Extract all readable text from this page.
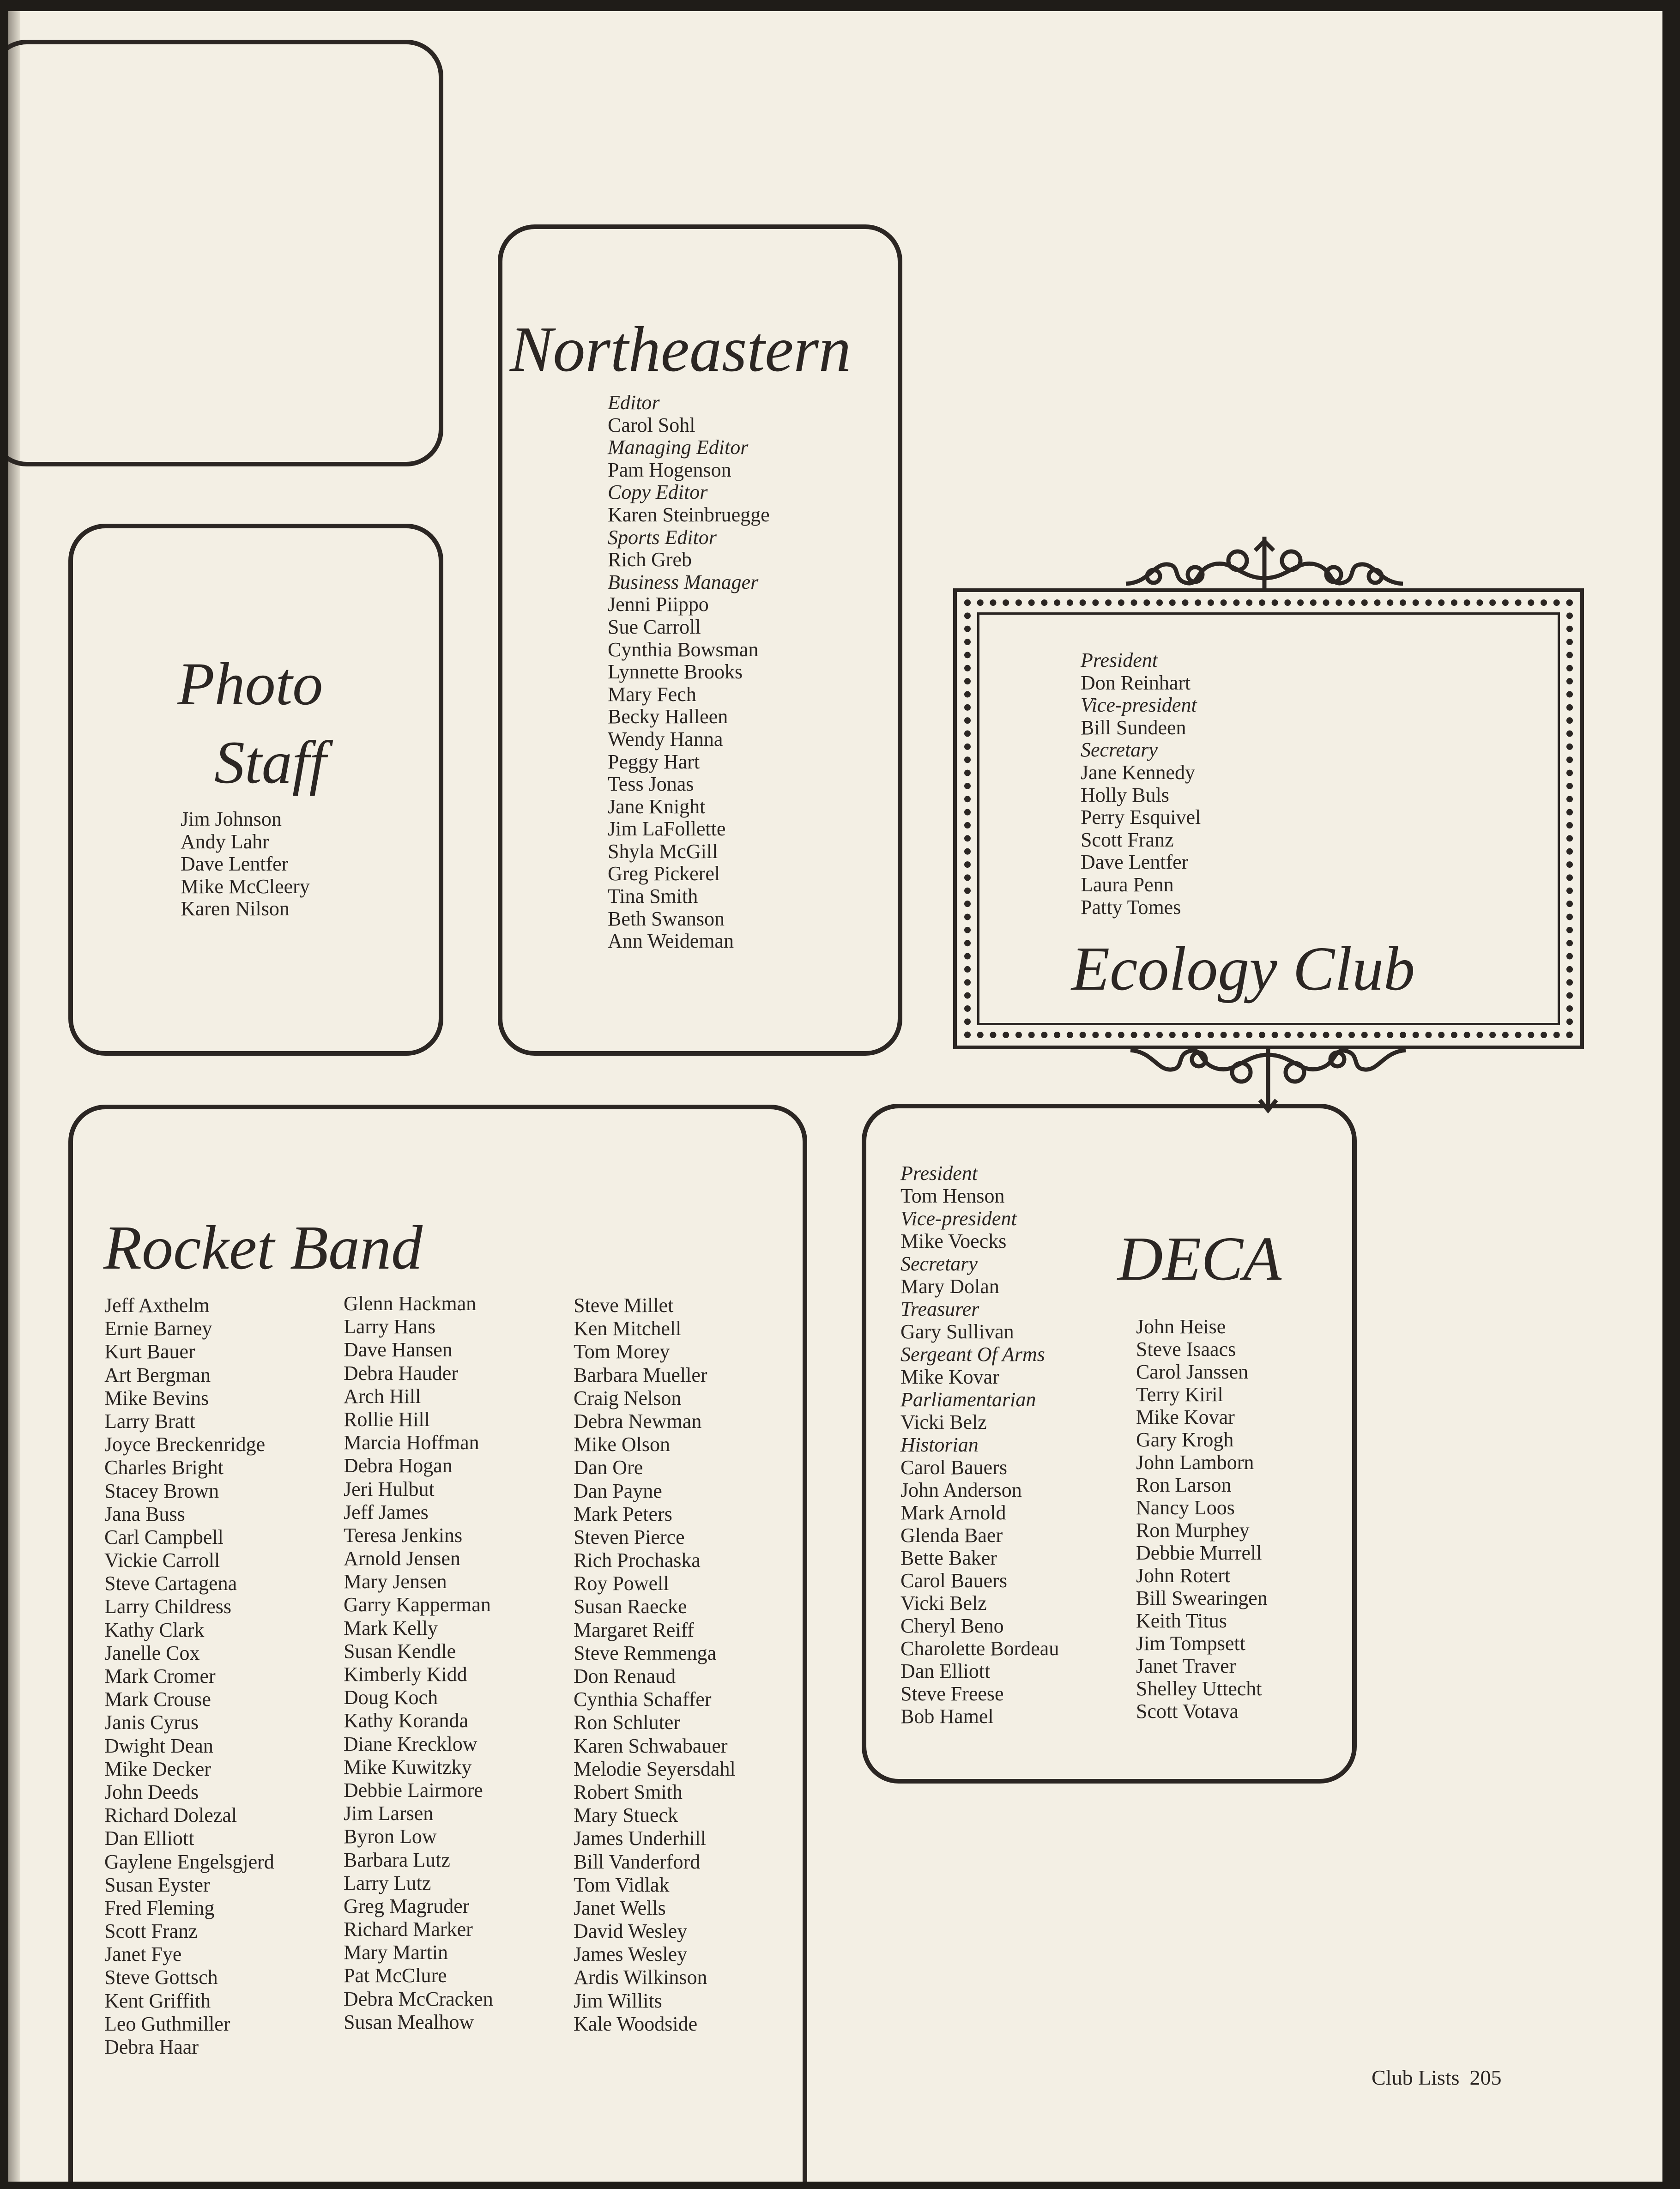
Photo
Staff
Jim Johnson
Andy Lahr
Dave Lentfer
Mike McCleery
Karen Nilson
Northeastern
Editor
Carol Sohl
Managing Editor
Pam Hogenson
Copy Editor
Karen Steinbruegge
Sports Editor
Rich Greb
Business Manager
Jenni Piippo
Sue Carroll
Cynthia Bowsman
Lynnette Brooks
Mary Fech
Becky Halleen
Wendy Hanna
Peggy Hart
Tess Jonas
Jane Knight
Jim LaFollette
Shyla McGill
Greg Pickerel
Tina Smith
Beth Swanson
Ann Weideman
President
Don Reinhart
Vice-president
Bill Sundeen
Secretary
Jane Kennedy
Holly Buls
Perry Esquivel
Scott Franz
Dave Lentfer
Laura Penn
Patty Tomes
Ecology Club
Rocket Band
Jeff Axthelm
Ernie Barney
Kurt Bauer
Art Bergman
Mike Bevins
Larry Bratt
Joyce Breckenridge
Charles Bright
Stacey Brown
Jana Buss
Carl Campbell
Vickie Carroll
Steve Cartagena
Larry Childress
Kathy Clark
Janelle Cox
Mark Cromer
Mark Crouse
Janis Cyrus
Dwight Dean
Mike Decker
John Deeds
Richard Dolezal
Dan Elliott
Gaylene Engelsgjerd
Susan Eyster
Fred Fleming
Scott Franz
Janet Fye
Steve Gottsch
Kent Griffith
Leo Guthmiller
Debra Haar
Glenn Hackman
Larry Hans
Dave Hansen
Debra Hauder
Arch Hill
Rollie Hill
Marcia Hoffman
Debra Hogan
Jeri Hulbut
Jeff James
Teresa Jenkins
Arnold Jensen
Mary Jensen
Garry Kapperman
Mark Kelly
Susan Kendle
Kimberly Kidd
Doug Koch
Kathy Koranda
Diane Krecklow
Mike Kuwitzky
Debbie Lairmore
Jim Larsen
Byron Low
Barbara Lutz
Larry Lutz
Greg Magruder
Richard Marker
Mary Martin
Pat McClure
Debra McCracken
Susan Mealhow
Steve Millet
Ken Mitchell
Tom Morey
Barbara Mueller
Craig Nelson
Debra Newman
Mike Olson
Dan Ore
Dan Payne
Mark Peters
Steven Pierce
Rich Prochaska
Roy Powell
Susan Raecke
Margaret Reiff
Steve Remmenga
Don Renaud
Cynthia Schaffer
Ron Schluter
Karen Schwabauer
Melodie Seyersdahl
Robert Smith
Mary Stueck
James Underhill
Bill Vanderford
Tom Vidlak
Janet Wells
David Wesley
James Wesley
Ardis Wilkinson
Jim Willits
Kale Woodside
DECA
President
Tom Henson
Vice-president
Mike Voecks
Secretary
Mary Dolan
Treasurer
Gary Sullivan
Sergeant Of Arms
Mike Kovar
Parliamentarian
Vicki Belz
Historian
Carol Bauers
John Anderson
Mark Arnold
Glenda Baer
Bette Baker
Carol Bauers
Vicki Belz
Cheryl Beno
Charolette Bordeau
Dan Elliott
Steve Freese
Bob Hamel
John Heise
Steve Isaacs
Carol Janssen
Terry Kiril
Mike Kovar
Gary Krogh
John Lamborn
Ron Larson
Nancy Loos
Ron Murphey
Debbie Murrell
John Rotert
Bill Swearingen
Keith Titus
Jim Tompsett
Janet Traver
Shelley Uttecht
Scott Votava
Club Lists 205
